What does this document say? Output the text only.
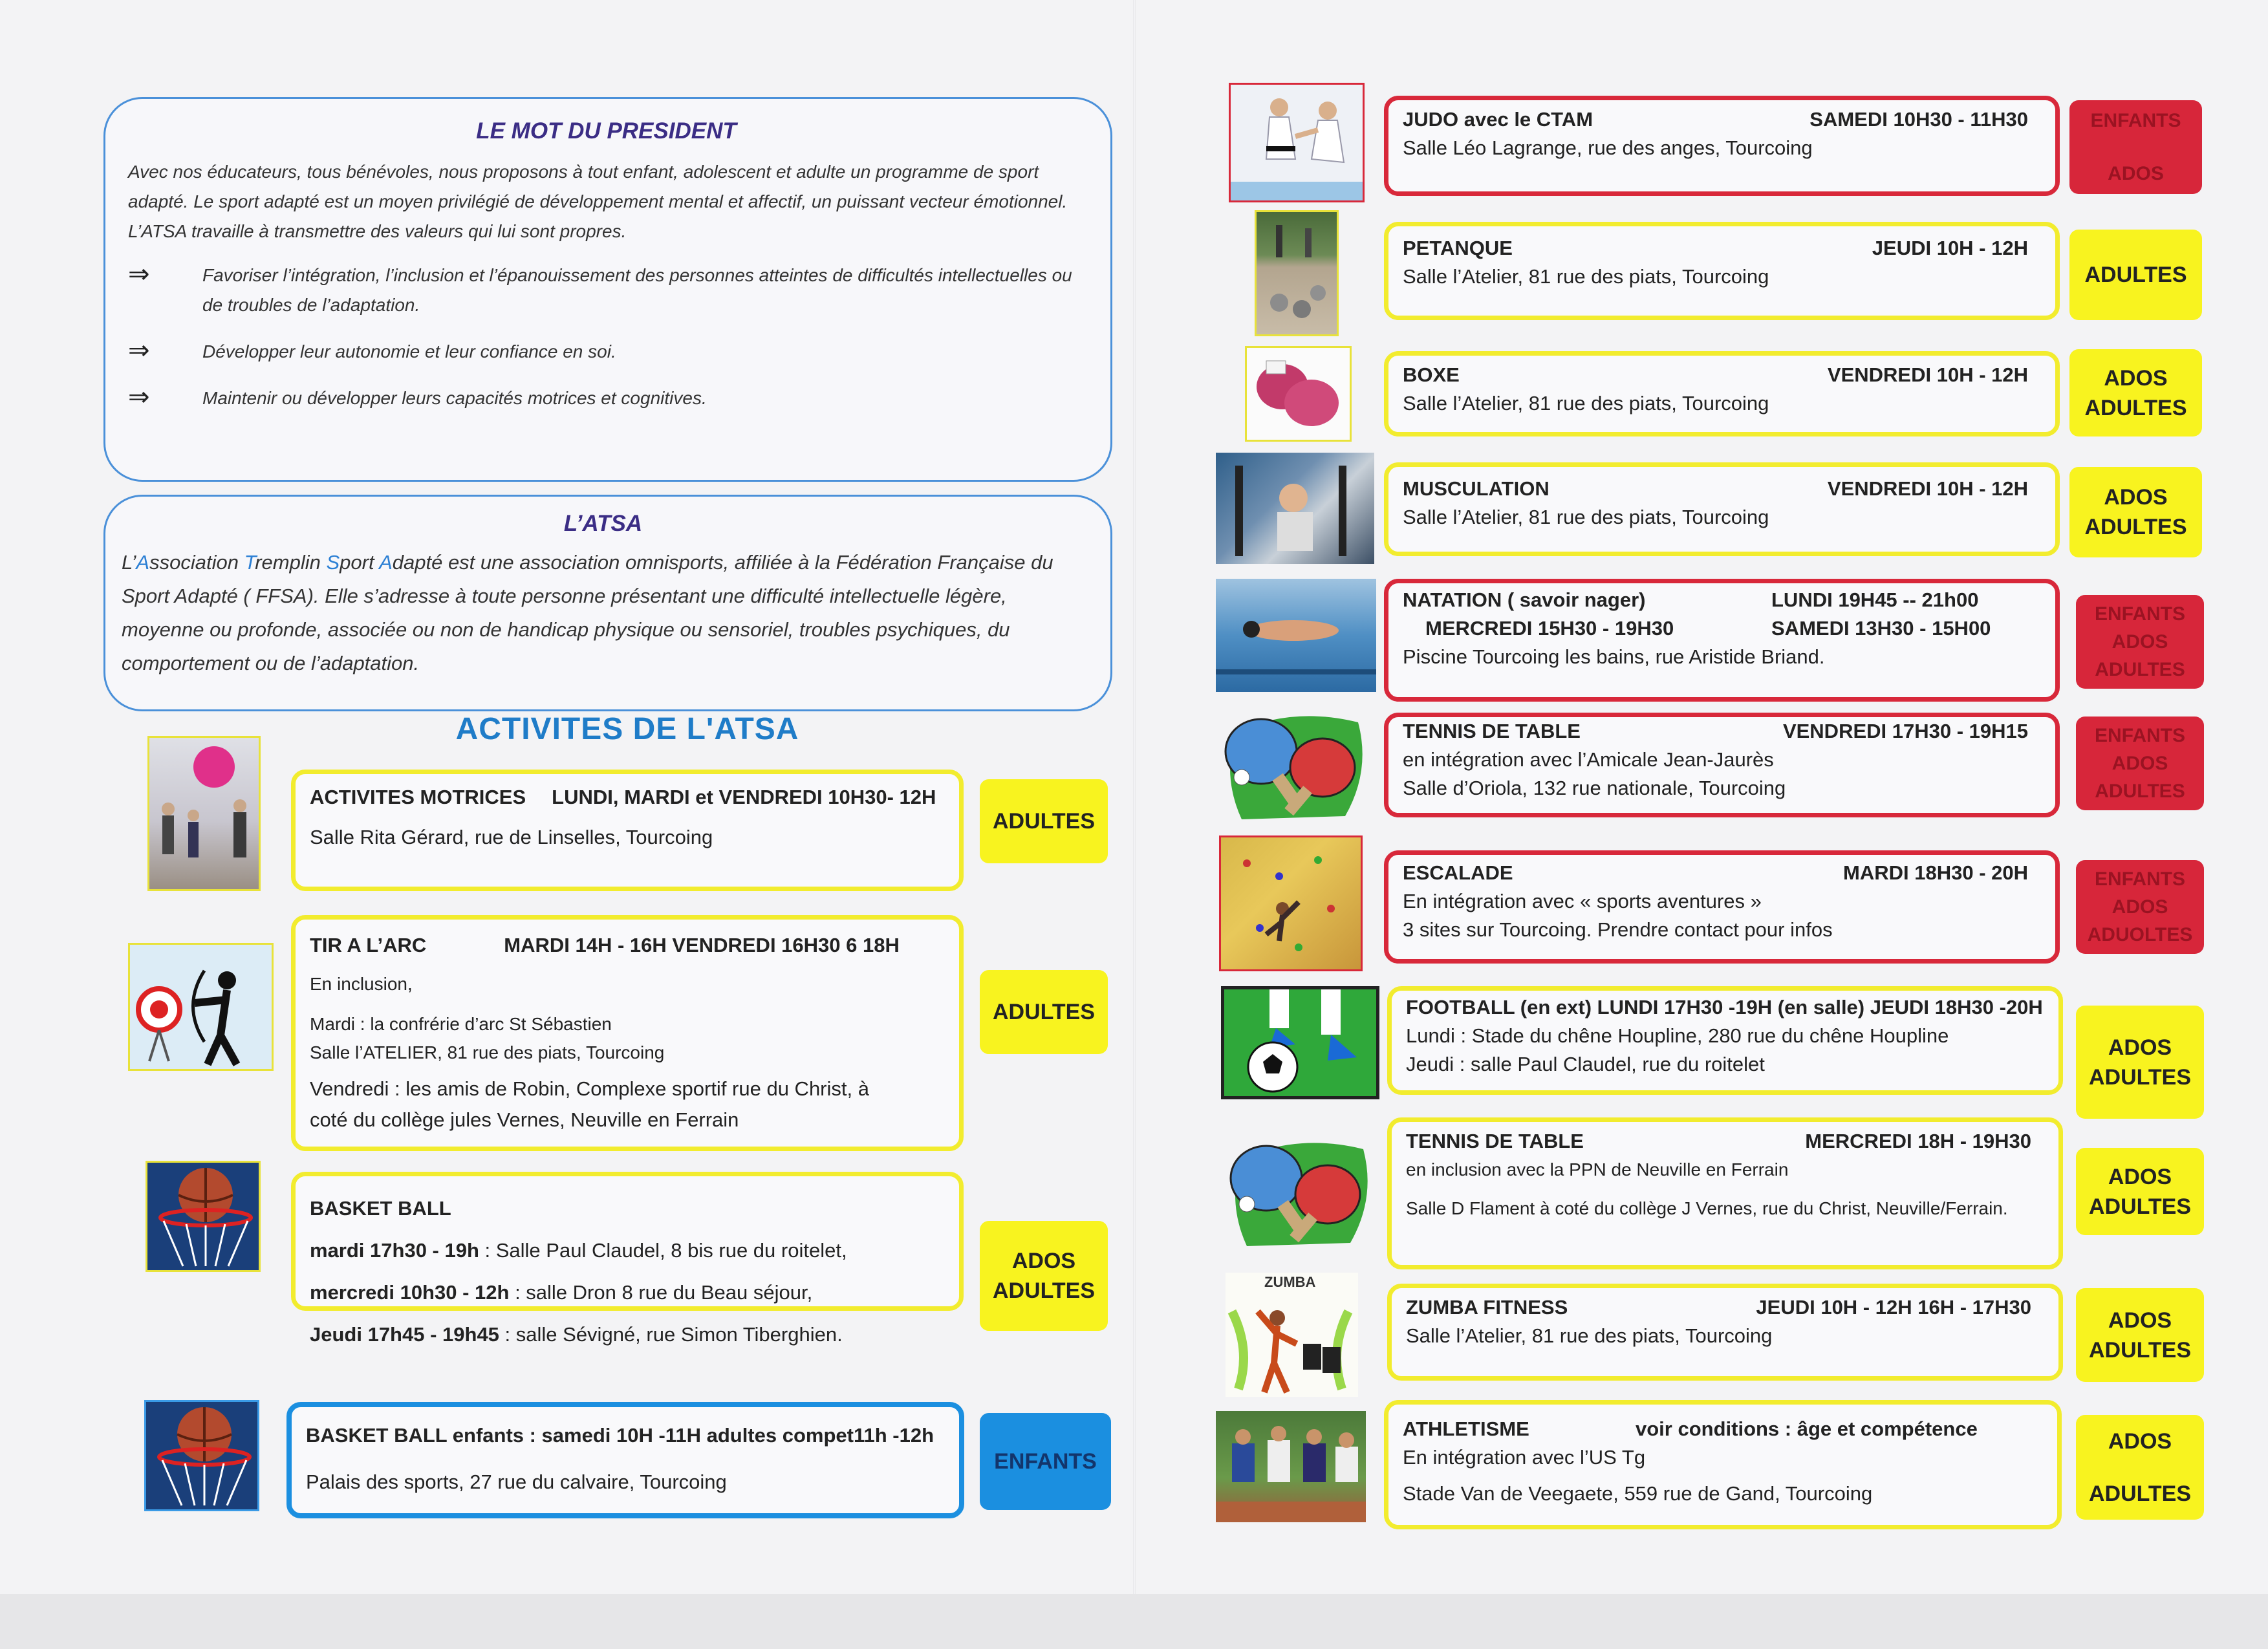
LE MOT DU PRESIDENT

Avec nos éducateurs, tous bénévoles, nous proposons à tout enfant, adolescent et adulte un programme de sport adapté. Le sport adapté est un moyen privilégié de développement mental et affectif, un puissant vecteur émotionnel. L’ATSA travaille à transmettre des valeurs qui lui sont propres.

⇒	Favoriser l’intégration, l’inclusion et l’épanouissement des personnes atteintes de difficultés intellectuelles ou de troubles de l’adaptation.

⇒	Développer leur autonomie et leur confiance en soi.

⇒	Maintenir ou développer leurs capacités motrices et cognitives.

L’ATSA

L’Association Tremplin Sport Adapté est une association omnisports, affiliée à la Fédération Française du Sport Adapté ( FFSA). Elle s’adresse à toute personne présentant une difficulté intellectuelle légère, moyenne ou profonde, associée ou non de handicap physique ou sensoriel, troubles psychiques, du comportement ou de l’adaptation.

ACTIVITES DE L'ATSA
ACTIVITES MOTRICES LUNDI, MARDI et VENDREDI 10H30- 12H
Salle Rita Gérard, rue de Linselles, Tourcoing
ADULTES
TIR A L’ARC	MARDI 14H - 16H VENDREDI 16H30 6 18H
En inclusion,
Mardi : la confrérie d’arc St Sébastien
Salle l’ATELIER, 81 rue des piats, Tourcoing
Vendredi : les amis de Robin, Complexe sportif rue du Christ, à
coté du collège jules Vernes, Neuville en Ferrain
ADULTES
BASKET BALL
mardi 17h30 - 19h : Salle Paul Claudel, 8 bis rue du roitelet,
mercredi 10h30 - 12h : salle Dron 8 rue du Beau séjour,
Jeudi 17h45 - 19h45 : salle Sévigné, rue Simon Tiberghien.
ADOS
ADULTES
BASKET BALL enfants : samedi 10H -11H adultes compet11h -12h
Palais des sports, 27 rue du calvaire, Tourcoing
ENFANTS
JUDO avec le CTAM	SAMEDI 10H30 - 11H30
Salle Léo Lagrange, rue des anges, Tourcoing
ENFANTS
ADOS
PETANQUE	JEUDI 10H - 12H
Salle l’Atelier, 81 rue des piats, Tourcoing	ADULTES
BOXE	VENDREDI 10H - 12H
Salle l’Atelier, 81 rue des piats, Tourcoing
ADOS
ADULTES
MUSCULATION	VENDREDI 10H - 12H
Salle l’Atelier, 81 rue des piats, Tourcoing
ADOS
ADULTES
NATATION ( savoir nager)	LUNDI 19H45 -- 21h00
MERCREDI 15H30 - 19H30	SAMEDI 13H30 - 15H00
Piscine Tourcoing les bains, rue Aristide Briand.
ENFANTS
ADOS
ADULTES
TENNIS DE TABLE	VENDREDI 17H30 - 19H15
en intégration avec l’Amicale Jean-Jaurès
Salle d’Oriola, 132 rue nationale, Tourcoing
ENFANTS
ADOS
ADULTES
ESCALADE	MARDI 18H30 - 20H
En intégration avec « sports aventures »
3 sites sur Tourcoing. Prendre contact pour infos
ENFANTS
ADOS
ADUOLTES
FOOTBALL (en ext) LUNDI 17H30 -19H (en salle) JEUDI 18H30 -20H
Lundi : Stade du chêne Houpline, 280 rue du chêne Houpline
Jeudi : salle Paul Claudel, rue du roitelet
ADOS
ADULTES
TENNIS DE TABLE	MERCREDI 18H - 19H30
en inclusion avec la PPN de Neuville en Ferrain
Salle D Flament à coté du collège J Vernes, rue du Christ, Neuville/Ferrain.
ADOS
ADULTES
ZUMBA
ZUMBA FITNESS	JEUDI 10H - 12H 16H - 17H30
Salle l’Atelier, 81 rue des piats, Tourcoing
ADOS
ADULTES
ATHLETISME	voir conditions : âge et compétence
En intégration avec l’US Tg
Stade Van de Veegaete, 559 rue de Gand, Tourcoing
ADOS
ADULTES
